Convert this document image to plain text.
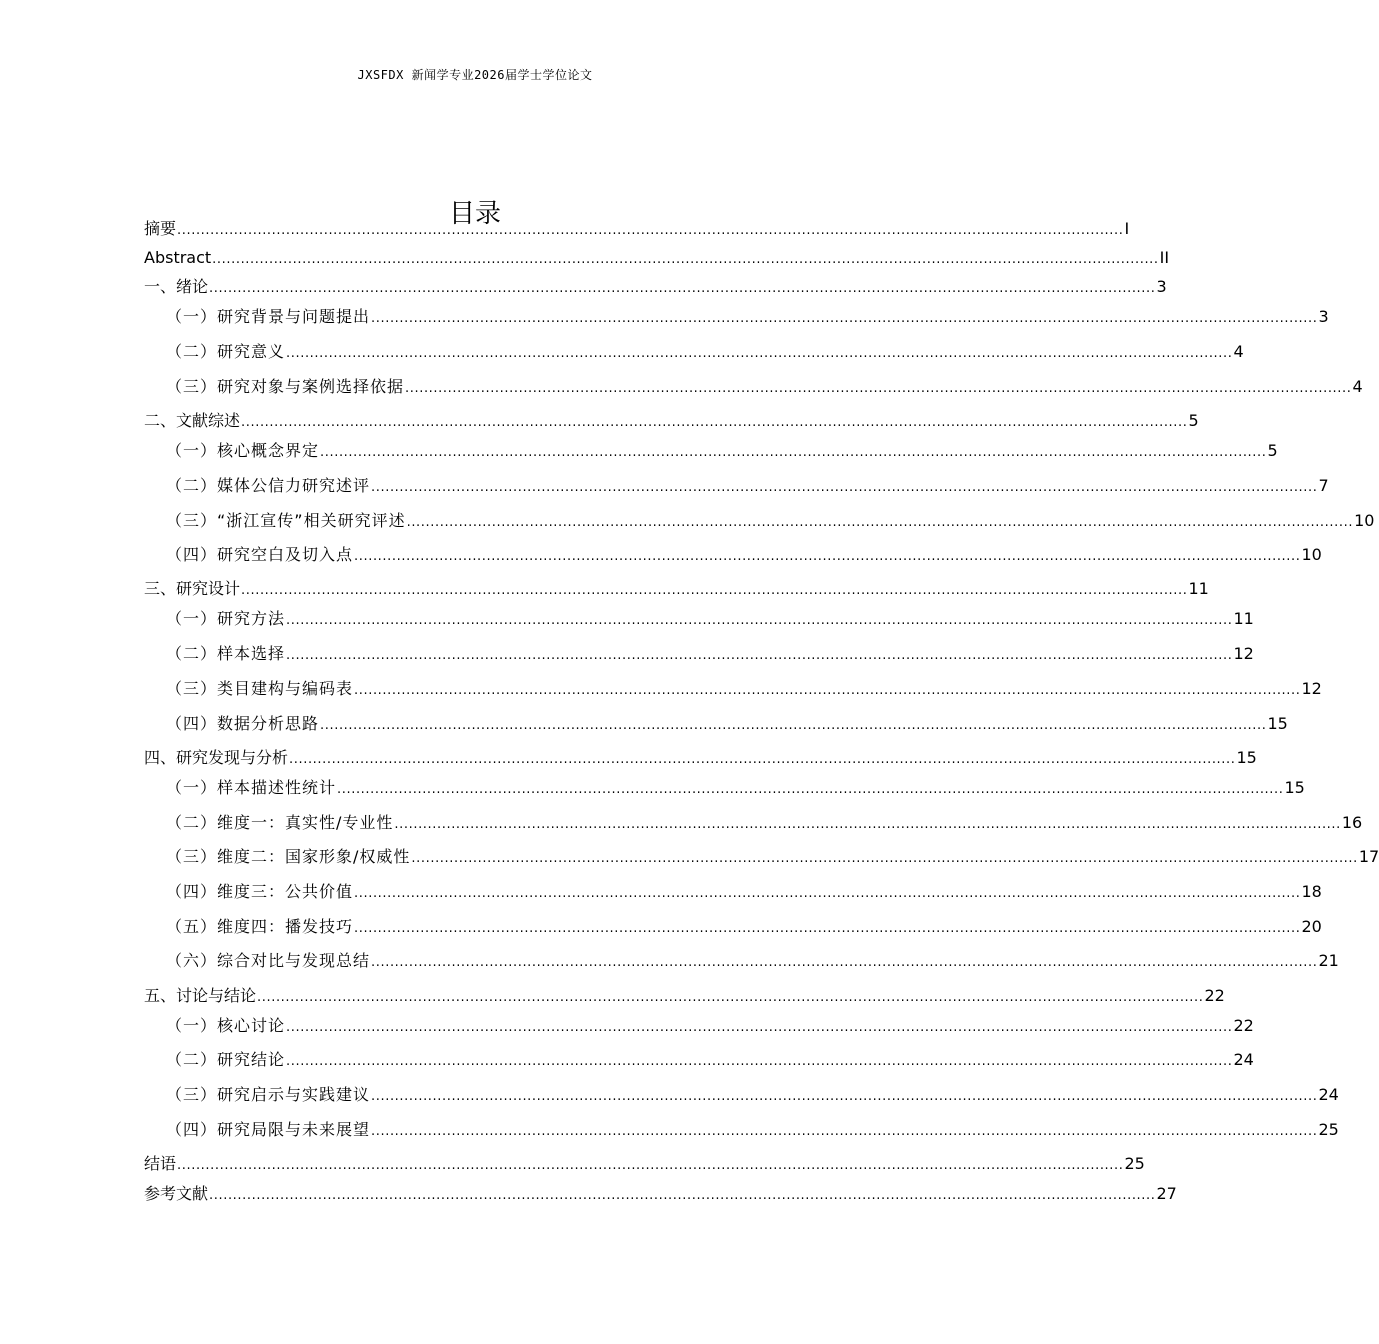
JXSFDX 新闻学专业2026届学士学位论文
目录
摘要 ........................................................................................................................................................................................................ I
Abstract ........................................................................................................................................................................................................ II
一、绪论 ........................................................................................................................................................................................................ 3
（一）研究背景与问题提出 ........................................................................................................................................................................................................ 3
（二）研究意义 ........................................................................................................................................................................................................ 4
（三）研究对象与案例选择依据 ........................................................................................................................................................................................................ 4
二、文献综述 ........................................................................................................................................................................................................ 5
（一）核心概念界定 ........................................................................................................................................................................................................ 5
（二）媒体公信力研究述评 ........................................................................................................................................................................................................ 7
（三）“浙江宣传”相关研究评述 ........................................................................................................................................................................................................ 10
（四）研究空白及切入点 ........................................................................................................................................................................................................ 10
三、研究设计 ........................................................................................................................................................................................................ 11
（一）研究方法 ........................................................................................................................................................................................................ 11
（二）样本选择 ........................................................................................................................................................................................................ 12
（三）类目建构与编码表 ........................................................................................................................................................................................................ 12
（四）数据分析思路 ........................................................................................................................................................................................................ 15
四、研究发现与分析 ........................................................................................................................................................................................................ 15
（一）样本描述性统计 ........................................................................................................................................................................................................ 15
（二）维度一：真实性/专业性 ........................................................................................................................................................................................................ 16
（三）维度二：国家形象/权威性 ........................................................................................................................................................................................................ 17
（四）维度三：公共价值 ........................................................................................................................................................................................................ 18
（五）维度四：播发技巧 ........................................................................................................................................................................................................ 20
（六）综合对比与发现总结 ........................................................................................................................................................................................................ 21
五、讨论与结论 ........................................................................................................................................................................................................ 22
（一）核心讨论 ........................................................................................................................................................................................................ 22
（二）研究结论 ........................................................................................................................................................................................................ 24
（三）研究启示与实践建议 ........................................................................................................................................................................................................ 24
（四）研究局限与未来展望 ........................................................................................................................................................................................................ 25
结语 ........................................................................................................................................................................................................ 25
参考文献 ........................................................................................................................................................................................................ 27
